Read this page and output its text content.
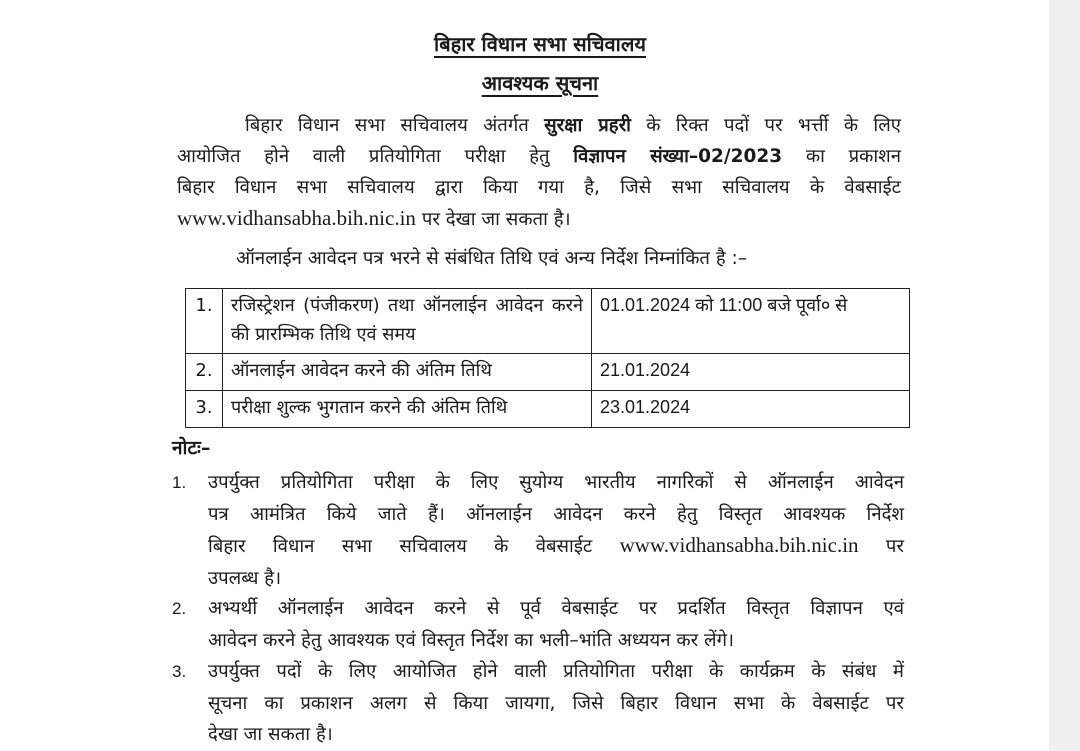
बिहार विधान सभा सचिवालय
आवश्यक सूचना
बिहार विधान सभा सचिवालय अंतर्गत सुरक्षा प्रहरी के रिक्त पदों पर भर्त्ती के लिए
आयोजित होने वाली प्रतियोगिता परीक्षा हेतु विज्ञापन संख्या–02/2023 का प्रकाशन
बिहार विधान सभा सचिवालय द्वारा किया गया है, जिसे सभा सचिवालय के वेबसाईट
www.vidhansabha.bih.nic.in पर देखा जा सकता है।
ऑनलाईन आवेदन पत्र भरने से संबंधित तिथि एवं अन्य निर्देश निम्नांकित है :–
1.	रजिस्ट्रेशन (पंजीकरण) तथा ऑनलाईन आवेदन करने की प्रारम्भिक तिथि एवं समय	01.01.2024 को 11:00 बजे पूर्वा० से
2.	ऑनलाईन आवेदन करने की अंतिम तिथि	21.01.2024
3.	परीक्षा शुल्क भुगतान करने की अंतिम तिथि	23.01.2024
नोटः–
1.	उपर्युक्त प्रतियोगिता परीक्षा के लिए सुयोग्य भारतीय नागरिकों से ऑनलाईन आवेदन
पत्र आमंत्रित किये जाते हैं। ऑनलाईन आवेदन करने हेतु विस्तृत आवश्यक निर्देश
बिहार विधान सभा सचिवालय के वेबसाईट www.vidhansabha.bih.nic.in पर
उपलब्ध है।
2.	अभ्यर्थी ऑनलाईन आवेदन करने से पूर्व वेबसाईट पर प्रदर्शित विस्तृत विज्ञापन एवं
आवेदन करने हेतु आवश्यक एवं विस्तृत निर्देश का भली–भांति अध्ययन कर लेंगे।
3.	उपर्युक्त पदों के लिए आयोजित होने वाली प्रतियोगिता परीक्षा के कार्यक्रम के संबंध में
सूचना का प्रकाशन अलग से किया जायगा, जिसे बिहार विधान सभा के वेबसाईट पर
देखा जा सकता है।
